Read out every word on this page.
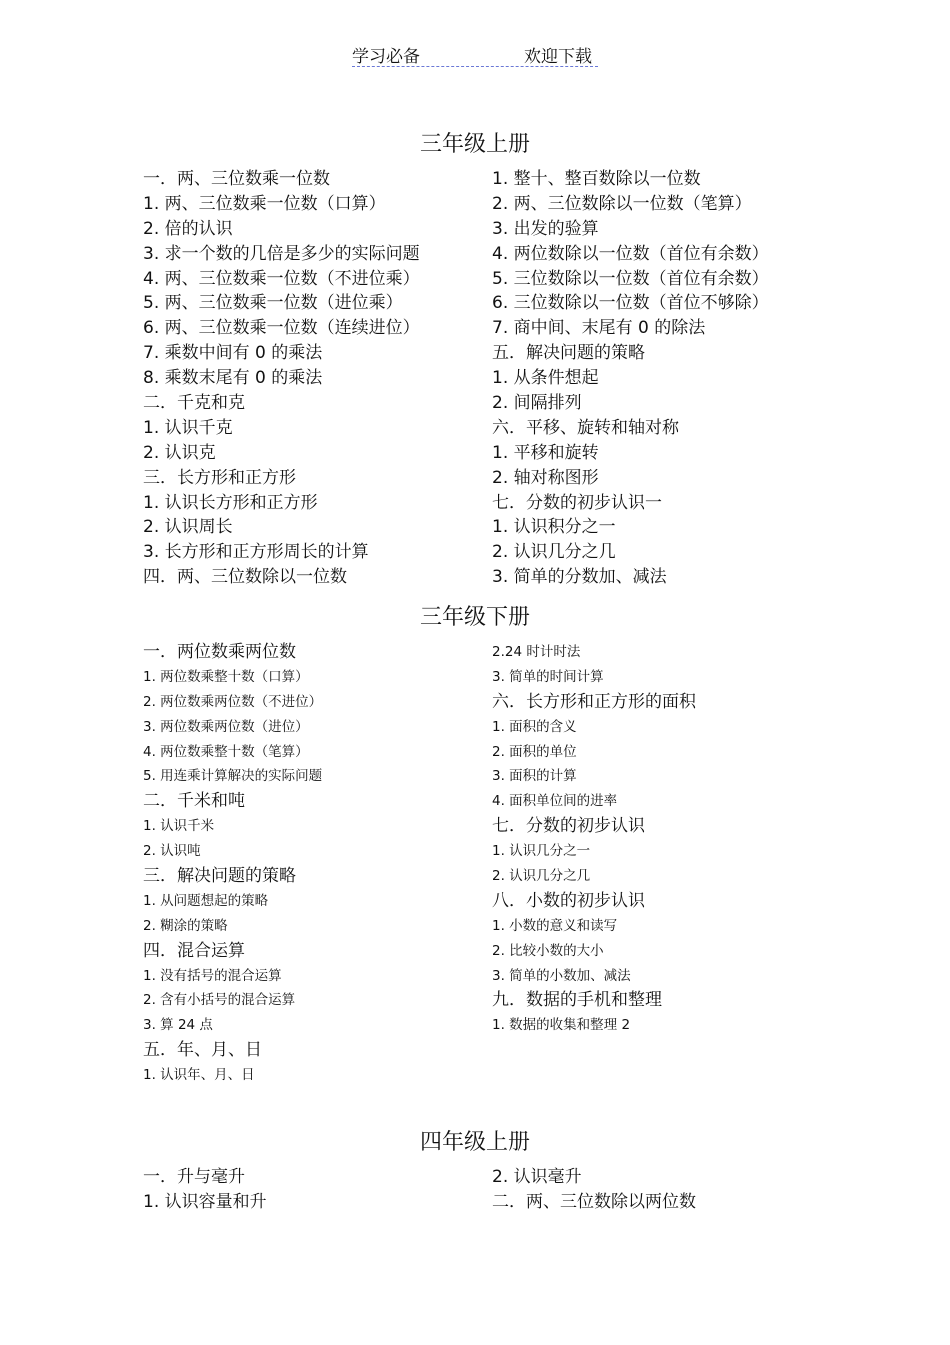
学习必备	欢迎下载
三年级上册
一．两、三位数乘一位数
1. 两、三位数乘一位数（口算）
2. 倍的认识
3. 求一个数的几倍是多少的实际问题
4. 两、三位数乘一位数（不进位乘）
5. 两、三位数乘一位数（进位乘）
6. 两、三位数乘一位数（连续进位）
7. 乘数中间有 0 的乘法
8. 乘数末尾有 0 的乘法
二．千克和克
1. 认识千克
2. 认识克
三．长方形和正方形
1. 认识长方形和正方形
2. 认识周长
3. 长方形和正方形周长的计算
四．两、三位数除以一位数
1. 整十、整百数除以一位数
2. 两、三位数除以一位数（笔算）
3. 出发的验算
4. 两位数除以一位数（首位有余数）
5. 三位数除以一位数（首位有余数）
6. 三位数除以一位数（首位不够除）
7. 商中间、末尾有 0 的除法
五．解决问题的策略
1. 从条件想起
2. 间隔排列
六．平移、旋转和轴对称
1. 平移和旋转
2. 轴对称图形
七．分数的初步认识一
1. 认识积分之一
2. 认识几分之几
3. 简单的分数加、减法
三年级下册
一．两位数乘两位数
1. 两位数乘整十数（口算）
2. 两位数乘两位数（不进位）
3. 两位数乘两位数（进位）
4. 两位数乘整十数（笔算）
5. 用连乘计算解决的实际问题
二．千米和吨
1. 认识千米
2. 认识吨
三．解决问题的策略
1. 从问题想起的策略
2. 糊涂的策略
四．混合运算
1. 没有括号的混合运算
2. 含有小括号的混合运算
3. 算 24 点
五．年、月、日
1. 认识年、月、日
2.24 时计时法
3. 简单的时间计算
六．长方形和正方形的面积
1. 面积的含义
2. 面积的单位
3. 面积的计算
4. 面积单位间的进率
七．分数的初步认识
1. 认识几分之一
2. 认识几分之几
八．小数的初步认识
1. 小数的意义和读写
2. 比较小数的大小
3. 简单的小数加、减法
九．数据的手机和整理
1. 数据的收集和整理 2
四年级上册
一．升与毫升
1. 认识容量和升
2. 认识毫升
二．两、三位数除以两位数
